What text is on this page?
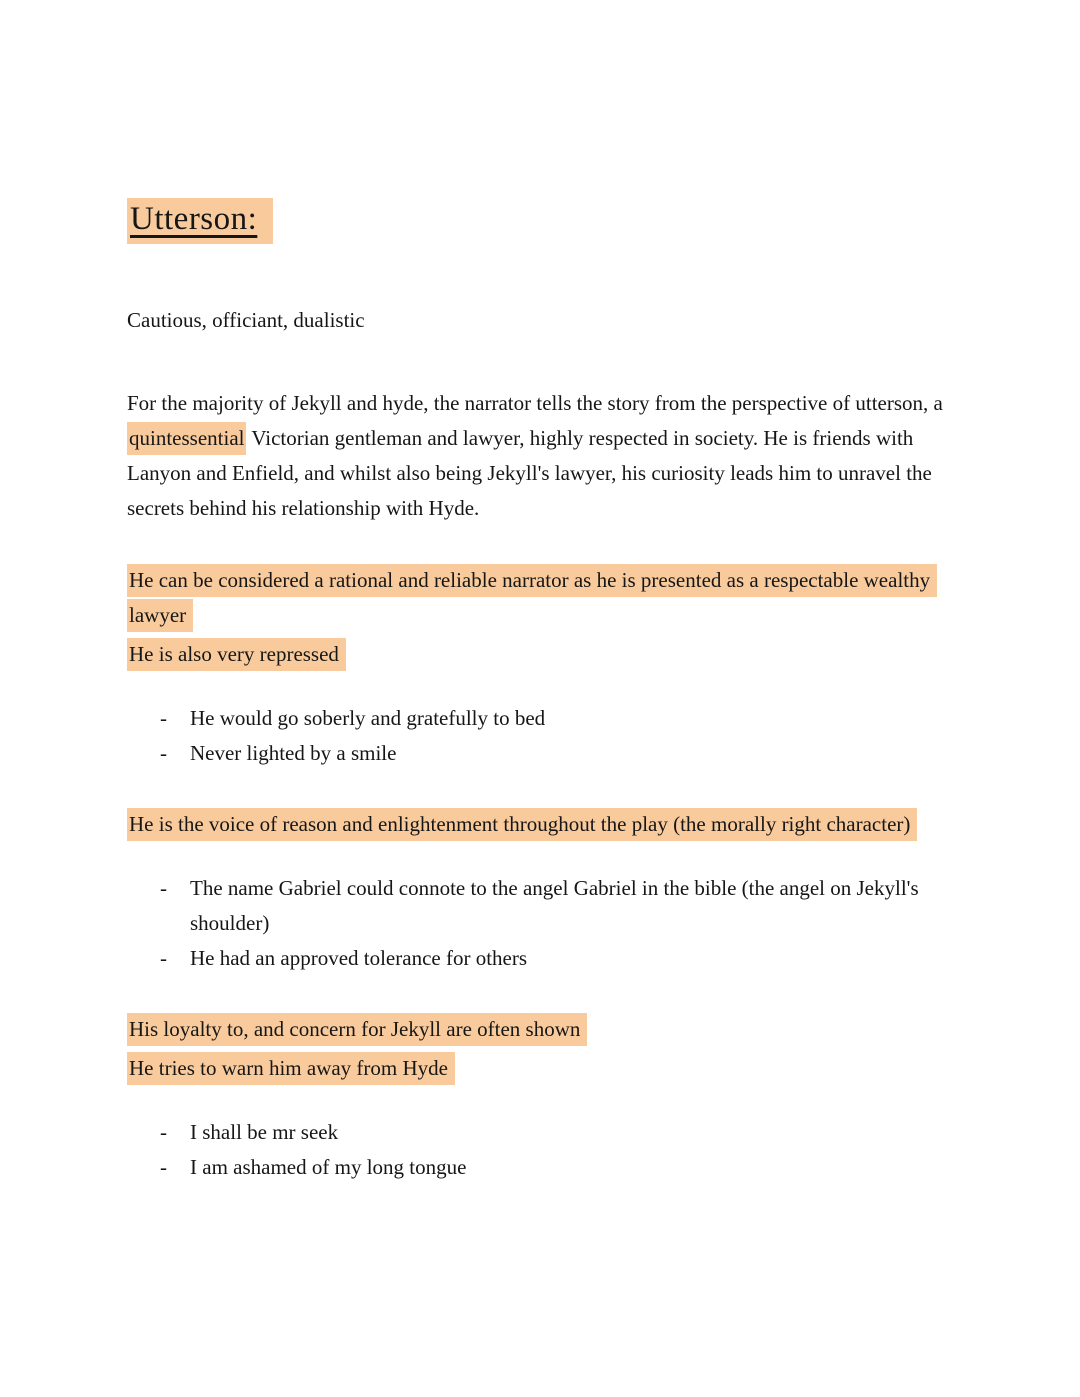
Utterson:

Cautious, officiant, dualistic

For the majority of Jekyll and hyde, the narrator tells the story from the perspective of utterson, a quintessential Victorian gentleman and lawyer, highly respected in society. He is friends with Lanyon and Enfield, and whilst also being Jekyll's lawyer, his curiosity leads him to unravel the secrets behind his relationship with Hyde.

He can be considered a rational and reliable narrator as he is presented as a respectable wealthy lawyer

He is also very repressed

-	He would go soberly and gratefully to bed
-	Never lighted by a smile

He is the voice of reason and enlightenment throughout the play (the morally right character)

-	The name Gabriel could connote to the angel Gabriel in the bible (the angel on Jekyll's shoulder)
-	He had an approved tolerance for others

His loyalty to, and concern for Jekyll are often shown

He tries to warn him away from Hyde

-	I shall be mr seek
-	I am ashamed of my long tongue
